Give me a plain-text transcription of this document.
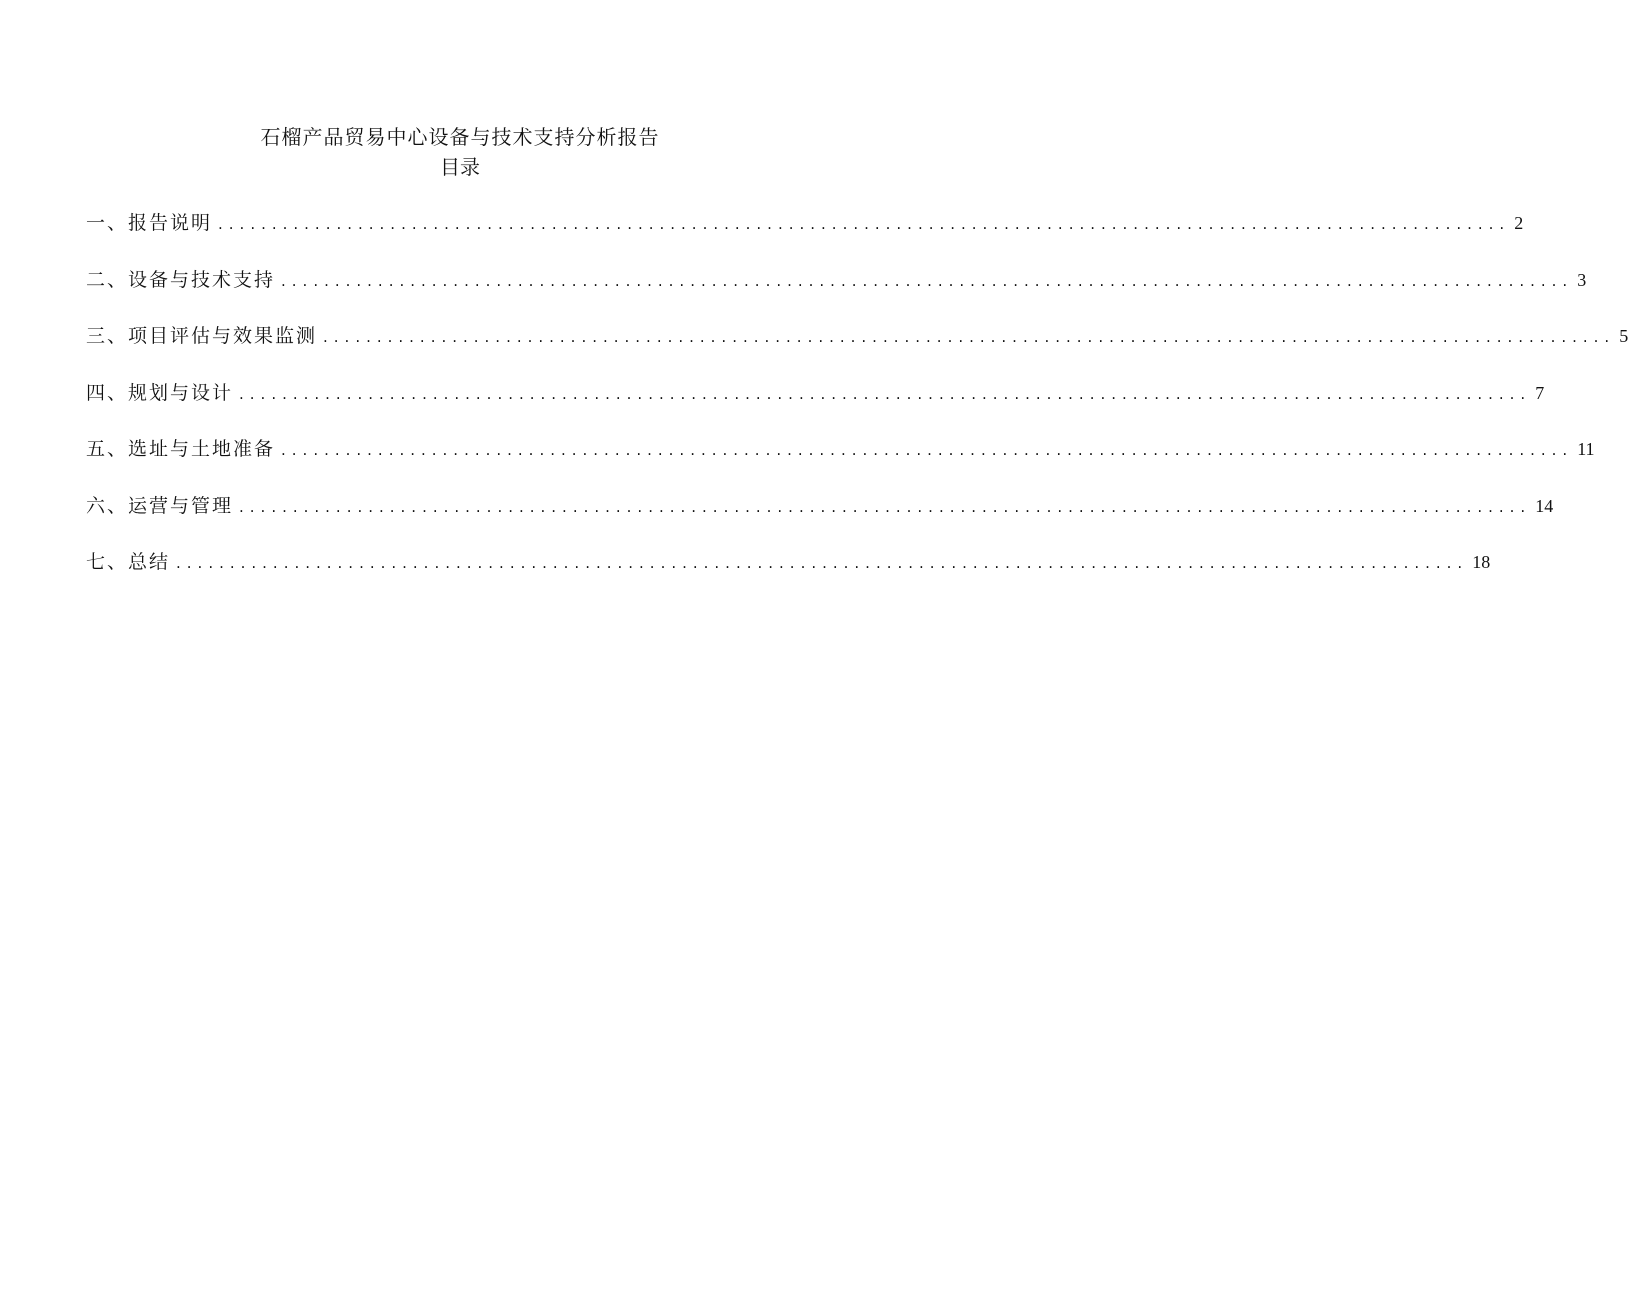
石榴产品贸易中心设备与技术支持分析报告
目录
一、报告说明 ........................................................................................................................ 2
二、设备与技术支持 ........................................................................................................................ 3
三、项目评估与效果监测 ........................................................................................................................ 5
四、规划与设计 ........................................................................................................................ 7
五、选址与土地准备 ........................................................................................................................ 11
六、运营与管理 ........................................................................................................................ 14
七、总结 ........................................................................................................................ 18
